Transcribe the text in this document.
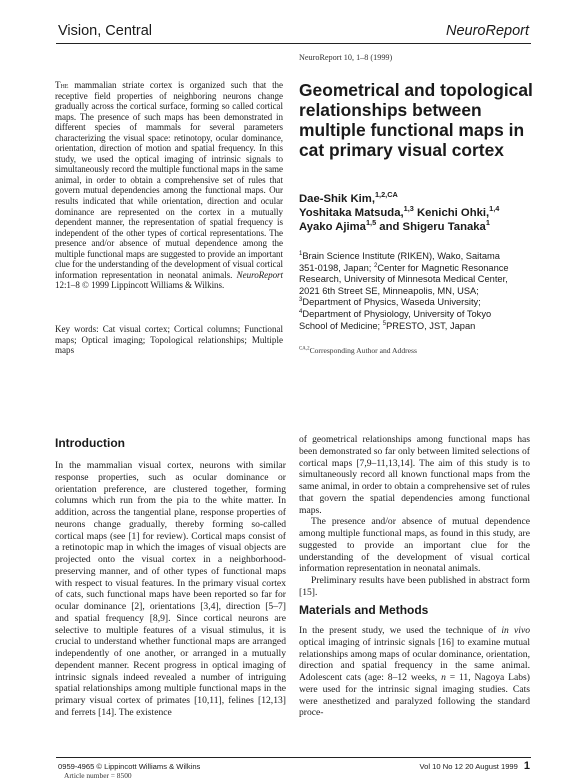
Vision, Central	NeuroReport
NeuroReport 10, 1–8 (1999)
Geometrical and topological relationships between multiple functional maps in cat primary visual cortex
Dae-Shik Kim,$^{1,2,CA}$
Yoshitaka Matsuda,$^{1,3}$ Kenichi Ohki,$^{1,4}$
Ayako Ajima$^{1,5}$ and Shigeru Tanaka$^1$
$^1$Brain Science Institute (RIKEN), Wako, Saitama
351-0198, Japan; $^2$Center for Magnetic Resonance
Research, University of Minnesota Medical Center,
2021 6th Street SE, Minneapolis, MN, USA;
$^3$Department of Physics, Waseda University;
$^4$Department of Physiology, University of Tokyo
School of Medicine; $^5$PRESTO, JST, Japan
$^{CA,2}$Corresponding Author and Address

The mammalian striate cortex is organized such that the receptive field properties of neighboring neurons change gradually across the cortical surface, forming so called cortical maps. The presence of such maps has been demonstrated in different species of mammals for several parameters characterizing the visual space: retinotopy, ocular dominance, orientation, direction of motion and spatial frequency. In this study, we used the optical imaging of intrinsic signals to simultaneously record the multiple functional maps in the same animal, in order to obtain a comprehensive set of rules that govern mutual dependencies among the functional maps. Our results indicated that while orientation, direction and ocular dominance are represented on the cortex in a mutually dependent manner, the representation of spatial frequency is independent of the other types of cortical representations. The presence and/or absence of mutual dependence among the multiple functional maps are suggested to provide an important clue for the understanding of the development of visual cortical information representation in neonatal animals. NeuroReport 12:1–8 © 1999 Lippincott Williams & Wilkins.

Key words: Cat visual cortex; Cortical columns; Functional maps; Optical imaging; Topological relationships; Multiple maps

Introduction

In the mammalian visual cortex, neurons with similar response properties, such as ocular dominance or orientation preference, are clustered together, forming columns which run from the pia to the white matter. In addition, across the tangential plane, response properties of neurons change gradually, thereby forming so-called cortical maps (see [1] for review). Cortical maps consist of a retinotopic map in which the images of visual objects are projected onto the visual cortex in a neighborhood-preserving manner, and of other types of functional maps with respect to visual features. In the primary visual cortex of cats, such functional maps have been reported so far for ocular dominance [2], orientations [3,4], direction [5–7] and spatial frequency [8,9]. Since cortical neurons are selective to multiple features of a visual stimulus, it is crucial to understand whether functional maps are arranged independently of one another, or arranged in a mutually dependent manner. Recent progress in optical imaging of intrinsic signals indeed revealed a number of intriguing spatial relationships among multiple functional maps in the primary visual cortex of primates [10,11], felines [12,13] and ferrets [14]. The existence

of geometrical relationships among functional maps has been demonstrated so far only between limited selections of cortical maps [7,9–11,13,14]. The aim of this study is to simultaneously record all known functional maps from the same animal, in order to obtain a comprehensive set of rules that govern the spatial dependencies among functional maps.

The presence and/or absence of mutual dependence among multiple functional maps, as found in this study, are suggested to provide an important clue for the understanding of the development of visual cortical information representation in neonatal animals.

Preliminary results have been published in abstract form [15].

Materials and Methods

In the present study, we used the technique of in vivo optical imaging of intrinsic signals [16] to examine mutual relationships among maps of ocular dominance, orientation, direction and spatial frequency in the same animal. Adolescent cats (age: 8–12 weeks, n = 11, Nagoya Labs) were used for the intrinsic signal imaging studies. Cats were anesthetized and paralyzed following the standard proce-

0959-4965 © Lippincott Williams & Wilkins	Vol 10 No 12 20 August 1999 1
Article number = 8500
